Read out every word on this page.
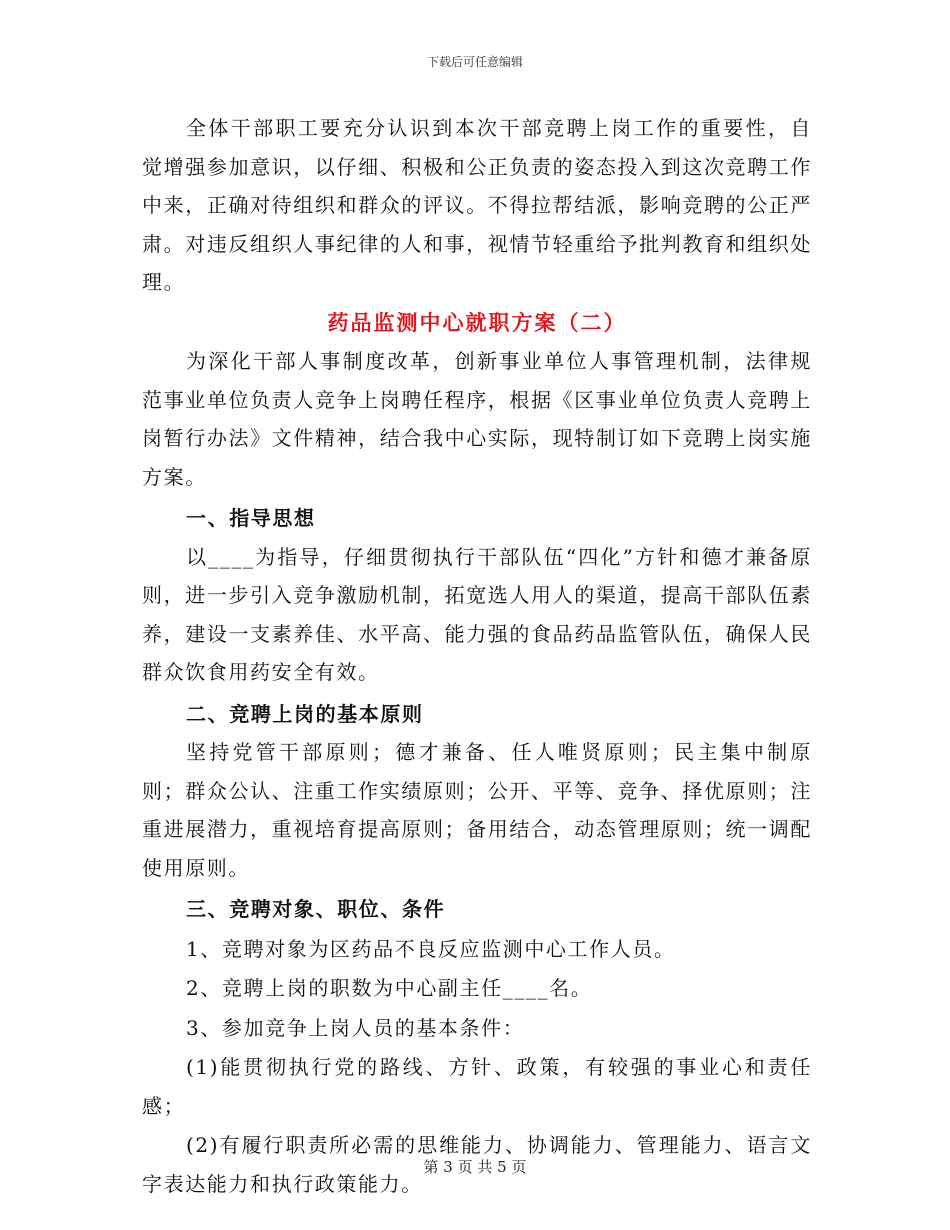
下载后可任意编辑

全体干部职工要充分认识到本次干部竞聘上岗工作的重要性，自觉增强参加意识，以仔细、积极和公正负责的姿态投入到这次竞聘工作中来，正确对待组织和群众的评议。不得拉帮结派，影响竞聘的公正严肃。对违反组织人事纪律的人和事，视情节轻重给予批判教育和组织处理。

药品监测中心就职方案（二）

为深化干部人事制度改革，创新事业单位人事管理机制，法律规范事业单位负责人竞争上岗聘任程序，根据《区事业单位负责人竞聘上岗暂行办法》文件精神，结合我中心实际，现特制订如下竞聘上岗实施方案。

一、指导思想

以____为指导，仔细贯彻执行干部队伍“四化”方针和德才兼备原则，进一步引入竞争激励机制，拓宽选人用人的渠道，提高干部队伍素养，建设一支素养佳、水平高、能力强的食品药品监管队伍，确保人民群众饮食用药安全有效。

二、竞聘上岗的基本原则

坚持党管干部原则；德才兼备、任人唯贤原则；民主集中制原则；群众公认、注重工作实绩原则；公开、平等、竞争、择优原则；注重进展潜力，重视培育提高原则；备用结合，动态管理原则；统一调配使用原则。

三、竞聘对象、职位、条件

1、竞聘对象为区药品不良反应监测中心工作人员。

2、竞聘上岗的职数为中心副主任____名。

3、参加竞争上岗人员的基本条件：

(1)能贯彻执行党的路线、方针、政策，有较强的事业心和责任感；

(2)有履行职责所必需的思维能力、协调能力、管理能力、语言文字表达能力和执行政策能力。

第 3 页 共 5 页
